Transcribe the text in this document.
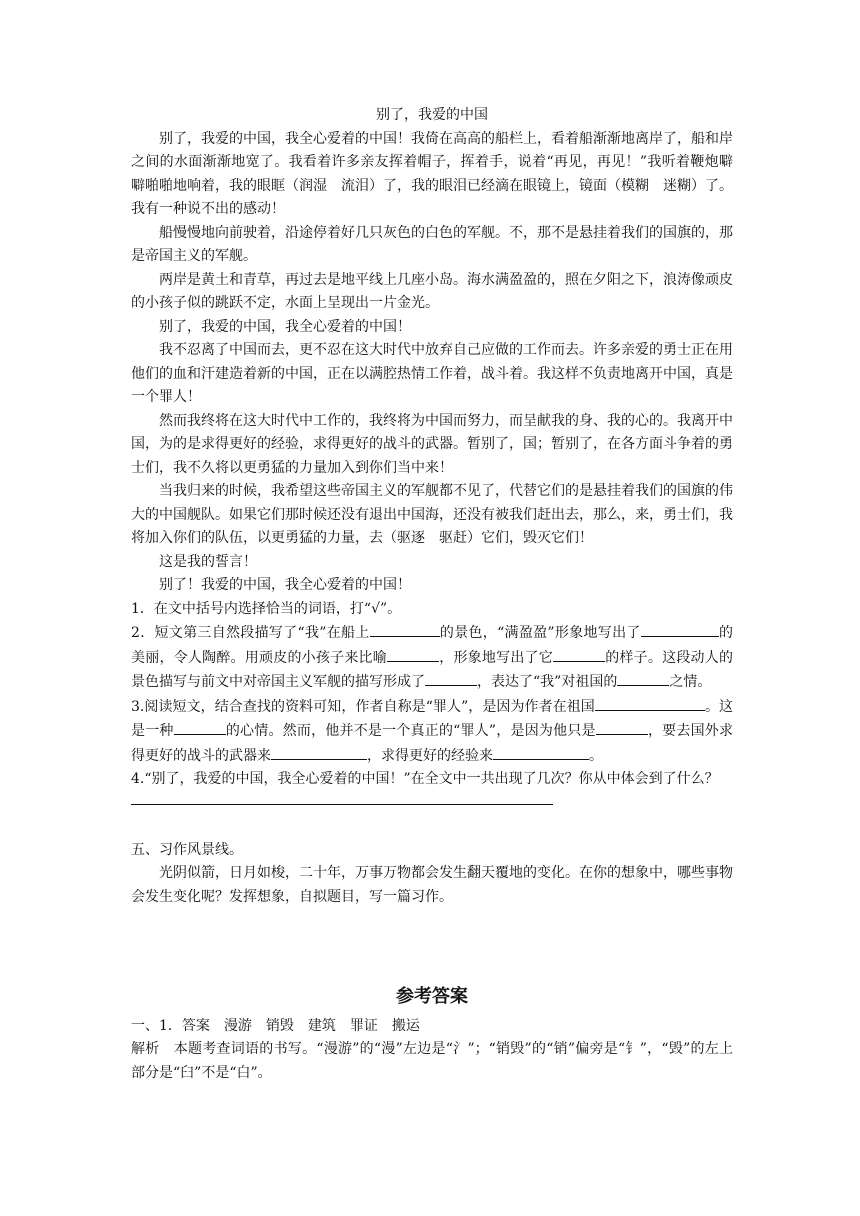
别了，我爱的中国

别了，我爱的中国，我全心爱着的中国！我倚在高高的船栏上，看着船渐渐地离岸了，船和岸之间的水面渐渐地宽了。我看着许多亲友挥着帽子，挥着手，说着“再见，再见！”我听着鞭炮噼噼啪啪地响着，我的眼眶（润湿　流泪）了，我的眼泪已经滴在眼镜上，镜面（模糊　迷糊）了。我有一种说不出的感动！

船慢慢地向前驶着，沿途停着好几只灰色的白色的军舰。不，那不是悬挂着我们的国旗的，那是帝国主义的军舰。

两岸是黄土和青草，再过去是地平线上几座小岛。海水满盈盈的，照在夕阳之下，浪涛像顽皮的小孩子似的跳跃不定，水面上呈现出一片金光。

别了，我爱的中国，我全心爱着的中国！

我不忍离了中国而去，更不忍在这大时代中放弃自己应做的工作而去。许多亲爱的勇士正在用他们的血和汗建造着新的中国，正在以满腔热情工作着，战斗着。我这样不负责地离开中国，真是一个罪人！

然而我终将在这大时代中工作的，我终将为中国而努力，而呈献我的身、我的心的。我离开中国，为的是求得更好的经验，求得更好的战斗的武器。暂别了，国；暂别了，在各方面斗争着的勇士们，我不久将以更勇猛的力量加入到你们当中来！

当我归来的时候，我希望这些帝国主义的军舰都不见了，代替它们的是悬挂着我们的国旗的伟大的中国舰队。如果它们那时候还没有退出中国海，还没有被我们赶出去，那么，来，勇士们，我将加入你们的队伍，以更勇猛的力量，去（驱逐　驱赶）它们，毁灭它们！

这是我的誓言！

别了！我爱的中国，我全心爱着的中国！

1．在文中括号内选择恰当的词语，打“√”。

2．短文第三自然段描写了“我”在船上	的景色，“满盈盈”形象地写出了	的美丽，令人陶醉。用顽皮的小孩子来比喻	，形象地写出了它	的样子。这段动人的景色描写与前文中对帝国主义军舰的描写形成了	，表达了“我”对祖国的	之情。

3.阅读短文，结合查找的资料可知，作者自称是“罪人”，是因为作者在祖国	。这是一种	的心情。然而，他并不是一个真正的“罪人”，是因为他只是	，要去国外求得更好的战斗的武器来	，求得更好的经验来	。

4.“别了，我爱的中国，我全心爱着的中国！”在全文中一共出现了几次？你从中体会到了什么？

五、习作风景线。

光阴似箭，日月如梭，二十年，万事万物都会发生翻天覆地的变化。在你的想象中，哪些事物会发生变化呢？发挥想象，自拟题目，写一篇习作。

参考答案

一、1．答案　漫游　销毁　建筑　罪证　搬运

解析　本题考查词语的书写。“漫游”的“漫”左边是“氵”；“销毁”的“销”偏旁是“钅”，“毁”的左上部分是“臼”不是“白”。
